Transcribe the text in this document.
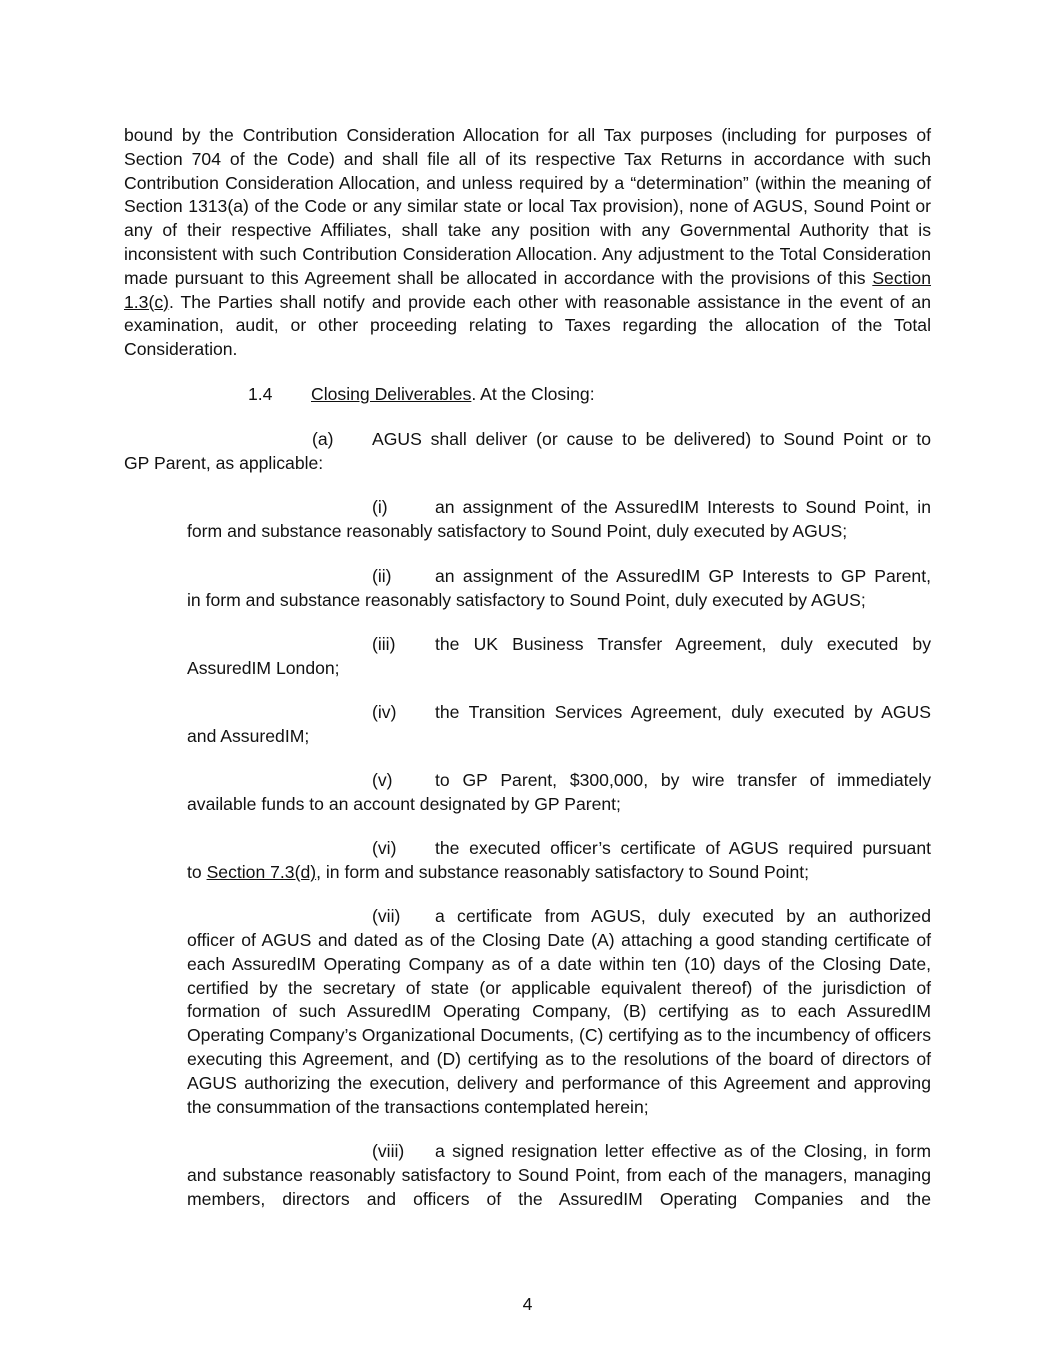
bound by the Contribution Consideration Allocation for all Tax purposes (including for purposes of Section 704 of the Code) and shall file all of its respective Tax Returns in accordance with such Contribution Consideration Allocation, and unless required by a “determination” (within the meaning of Section 1313(a) of the Code or any similar state or local Tax provision), none of AGUS, Sound Point or any of their respective Affiliates, shall take any position with any Governmental Authority that is inconsistent with such Contribution Consideration Allocation. Any adjustment to the Total Consideration made pursuant to this Agreement shall be allocated in accordance with the provisions of this Section 1.3(c). The Parties shall notify and provide each other with reasonable assistance in the event of an examination, audit, or other proceeding relating to Taxes regarding the allocation of the Total Consideration.

1.4 Closing Deliverables. At the Closing:
(a) AGUS shall deliver (or cause to be delivered) to Sound Point or to

GP Parent, as applicable:

(i)	an assignment of the AssuredIM Interests to Sound Point, in

form and substance reasonably satisfactory to Sound Point, duly executed by AGUS;

(ii) an assignment of the AssuredIM GP Interests to GP Parent,

in form and substance reasonably satisfactory to Sound Point, duly executed by AGUS;

(iii) the UK Business Transfer Agreement, duly executed by

AssuredIM London;

(iv) the Transition Services Agreement, duly executed by AGUS

and AssuredIM;

(v) to GP Parent, $300,000, by wire transfer of immediately

available funds to an account designated by GP Parent;

(vi) the executed officer’s certificate of AGUS required pursuant

to Section 7.3(d), in form and substance reasonably satisfactory to Sound Point;

(vii) a certificate from AGUS, duly executed by an authorized

officer of AGUS and dated as of the Closing Date (A) attaching a good standing certificate of each AssuredIM Operating Company as of a date within ten (10) days of the Closing Date, certified by the secretary of state (or applicable equivalent thereof) of the jurisdiction of formation of such AssuredIM Operating Company, (B) certifying as to each AssuredIM Operating Company’s Organizational Documents, (C) certifying as to the incumbency of officers executing this Agreement, and (D) certifying as to the resolutions of the board of directors of AGUS authorizing the execution, delivery and performance of this Agreement and approving the consummation of the transactions contemplated herein;

(viii) a signed resignation letter effective as of the Closing, in form

and substance reasonably satisfactory to Sound Point, from each of the managers, managing members, directors and officers of the AssuredIM Operating Companies and the

4
